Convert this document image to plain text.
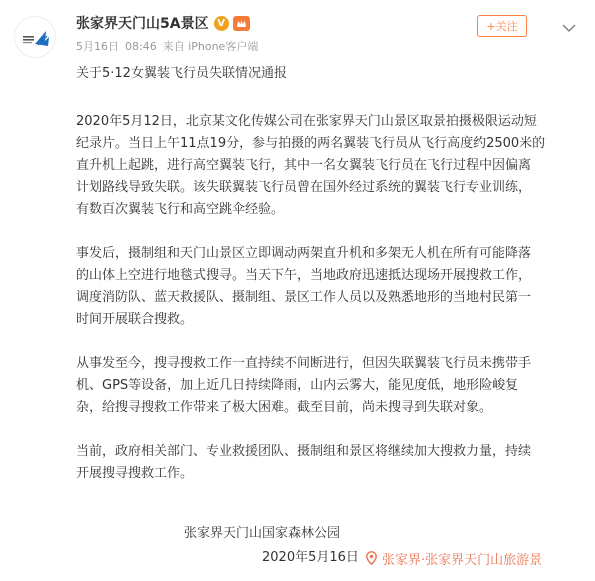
张家界天门山5A景区 V
5月16日 08:46 来自 iPhone客户端
+关注

关于5·12女翼装飞行员失联情况通报

2020年5月12日，北京某文化传媒公司在张家界天门山景区取景拍摄极限运动短
纪录片。当日上午11点19分，参与拍摄的两名翼装飞行员从飞行高度约2500米的
直升机上起跳，进行高空翼装飞行，其中一名女翼装飞行员在飞行过程中因偏离
计划路线导致失联。该失联翼装飞行员曾在国外经过系统的翼装飞行专业训练，
有数百次翼装飞行和高空跳伞经验。

事发后，摄制组和天门山景区立即调动两架直升机和多架无人机在所有可能降落
的山体上空进行地毯式搜寻。当天下午，当地政府迅速抵达现场开展搜救工作，
调度消防队、蓝天救援队、摄制组、景区工作人员以及熟悉地形的当地村民第一
时间开展联合搜救。

从事发至今，搜寻搜救工作一直持续不间断进行，但因失联翼装飞行员未携带手
机、GPS等设备，加上近几日持续降雨，山内云雾大，能见度低，地形险峻复
杂，给搜寻搜救工作带来了极大困难。截至目前，尚未搜寻到失联对象。

当前，政府相关部门、专业救援团队、摄制组和景区将继续加大搜救力量，持续
开展搜寻搜救工作。

张家界天门山国家森林公园
2020年5月16日 张家界·张家界天门山旅游景
